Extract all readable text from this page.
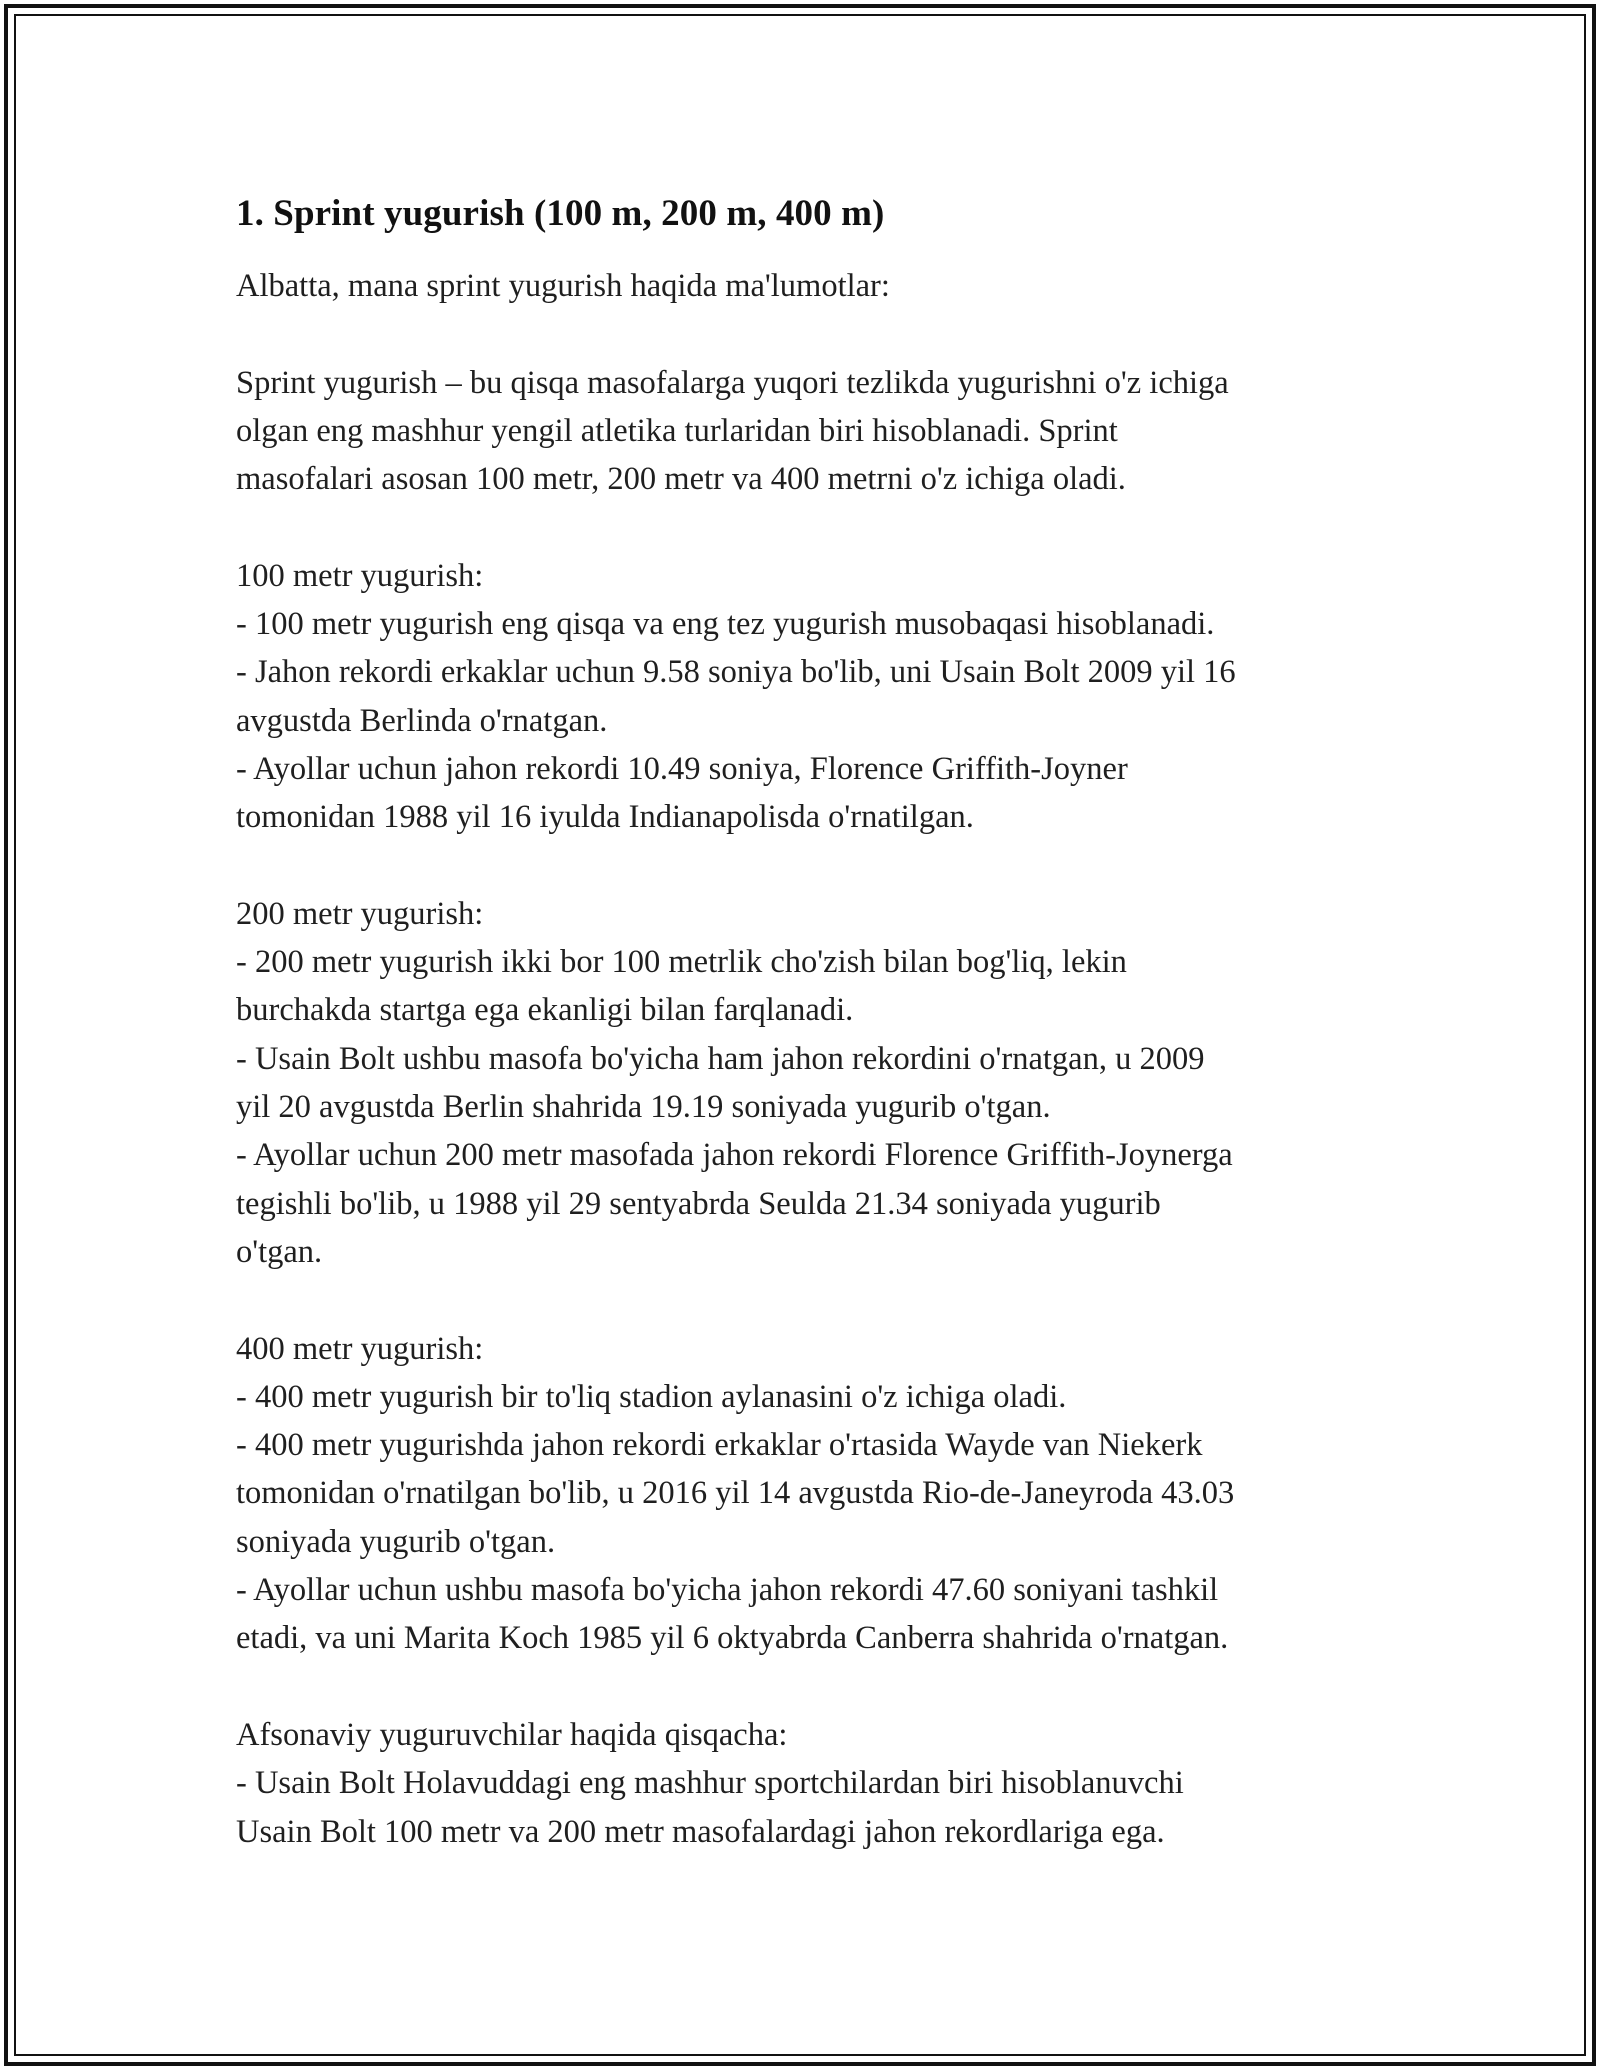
1. Sprint yugurish (100 m, 200 m, 400 m)
Albatta, mana sprint yugurish haqida ma'lumotlar:
Sprint yugurish – bu qisqa masofalarga yuqori tezlikda yugurishni o'z ichiga
olgan eng mashhur yengil atletika turlaridan biri hisoblanadi. Sprint
masofalari asosan 100 metr, 200 metr va 400 metrni o'z ichiga oladi.
100 metr yugurish:
- 100 metr yugurish eng qisqa va eng tez yugurish musobaqasi hisoblanadi.
- Jahon rekordi erkaklar uchun 9.58 soniya bo'lib, uni Usain Bolt 2009 yil 16
avgustda Berlinda o'rnatgan.
- Ayollar uchun jahon rekordi 10.49 soniya, Florence Griffith-Joyner
tomonidan 1988 yil 16 iyulda Indianapolisda o'rnatilgan.
200 metr yugurish:
- 200 metr yugurish ikki bor 100 metrlik cho'zish bilan bog'liq, lekin
burchakda startga ega ekanligi bilan farqlanadi.
- Usain Bolt ushbu masofa bo'yicha ham jahon rekordini o'rnatgan, u 2009
yil 20 avgustda Berlin shahrida 19.19 soniyada yugurib o'tgan.
- Ayollar uchun 200 metr masofada jahon rekordi Florence Griffith-Joynerga
tegishli bo'lib, u 1988 yil 29 sentyabrda Seulda 21.34 soniyada yugurib
o'tgan.
400 metr yugurish:
- 400 metr yugurish bir to'liq stadion aylanasini o'z ichiga oladi.
- 400 metr yugurishda jahon rekordi erkaklar o'rtasida Wayde van Niekerk
tomonidan o'rnatilgan bo'lib, u 2016 yil 14 avgustda Rio-de-Janeyroda 43.03
soniyada yugurib o'tgan.
- Ayollar uchun ushbu masofa bo'yicha jahon rekordi 47.60 soniyani tashkil
etadi, va uni Marita Koch 1985 yil 6 oktyabrda Canberra shahrida o'rnatgan.
Afsonaviy yuguruvchilar haqida qisqacha:
- Usain Bolt Holavuddagi eng mashhur sportchilardan biri hisoblanuvchi
Usain Bolt 100 metr va 200 metr masofalardagi jahon rekordlariga ega.
